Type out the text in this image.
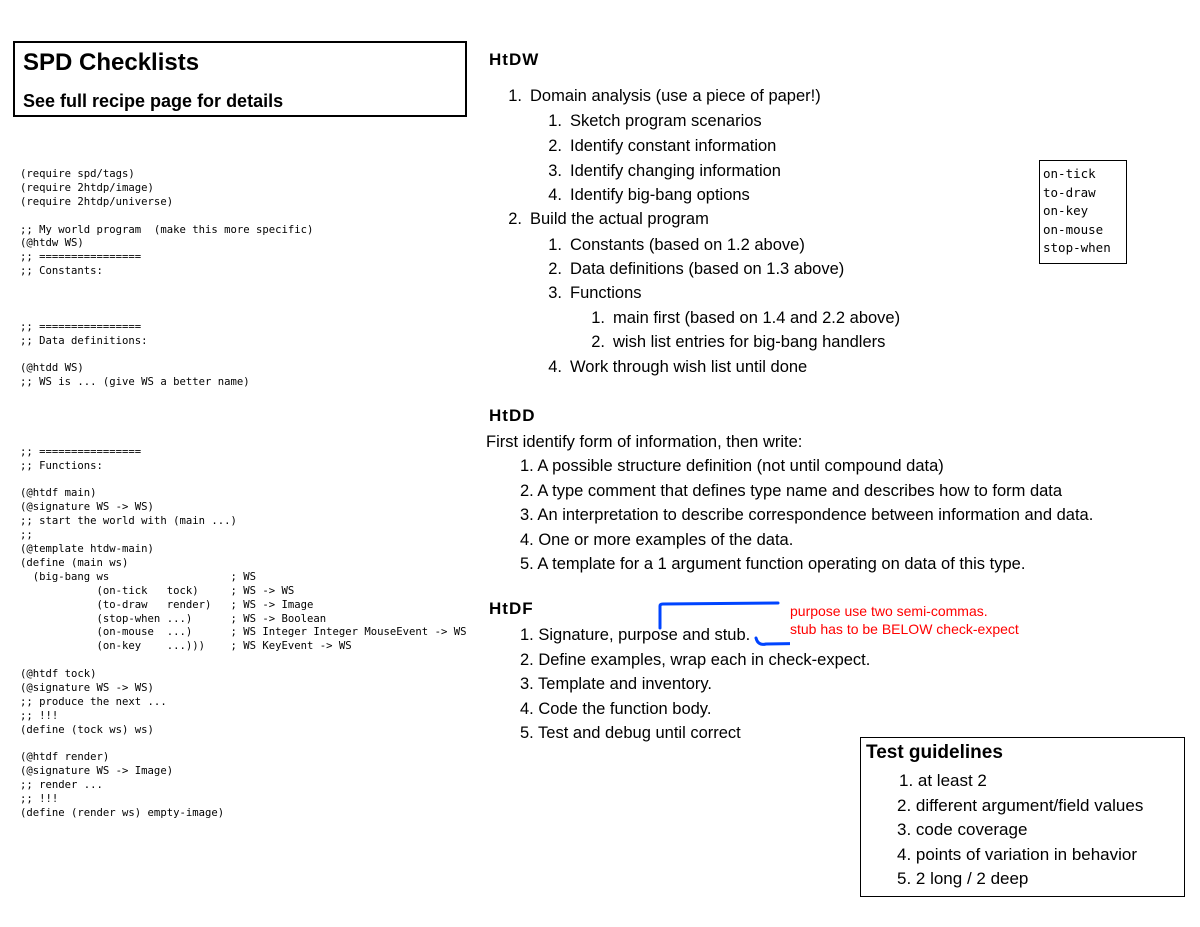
SPD Checklists
See full recipe page for details
(require spd/tags)
(require 2htdp/image)
(require 2htdp/universe)
;; My world program  (make this more specific)
(@htdw WS)
;; ================
;; Constants:
;; ================
;; Data definitions:
(@htdd WS)
;; WS is ... (give WS a better name)
;; ================
;; Functions:
(@htdf main)
(@signature WS -> WS)
;; start the world with (main ...)
;;
(@template htdw-main)
(define (main ws)
(big-bang ws                   ; WS
(on-tick   tock)     ; WS -> WS
(to-draw   render)   ; WS -> Image
(stop-when ...)      ; WS -> Boolean
(on-mouse  ...)      ; WS Integer Integer MouseEvent -> WS
(on-key    ...)))    ; WS KeyEvent -> WS
(@htdf tock)
(@signature WS -> WS)
;; produce the next ...
;; !!!
(define (tock ws) ws)
(@htdf render)
(@signature WS -> Image)
;; render ...
;; !!!
(define (render ws) empty-image)
HtDW
1. Domain analysis (use a piece of paper!)
1. Sketch program scenarios
2. Identify constant information
3. Identify changing information
4. Identify big-bang options
2. Build the actual program
1. Constants (based on 1.2 above)
2. Data definitions (based on 1.3 above)
3. Functions
1. main first (based on 1.4 and 2.2 above)
2. wish list entries for big-bang handlers
4. Work through wish list until done
on-tick
to-draw
on-key
on-mouse
stop-when
HtDD
First identify form of information, then write:
1. A possible structure definition (not until compound data)
2. A type comment that defines type name and describes how to form data
3. An interpretation to describe correspondence between information and data.
4. One or more examples of the data.
5. A template for a 1 argument function operating on data of this type.
HtDF
1. Signature, purpose and stub.
2. Define examples, wrap each in check-expect.
3. Template and inventory.
4. Code the function body.
5. Test and debug until correct
purpose use two semi-commas.
stub has to be BELOW check-expect
Test guidelines
1. at least 2
2. different argument/field values
3. code coverage
4. points of variation in behavior
5. 2 long / 2 deep
